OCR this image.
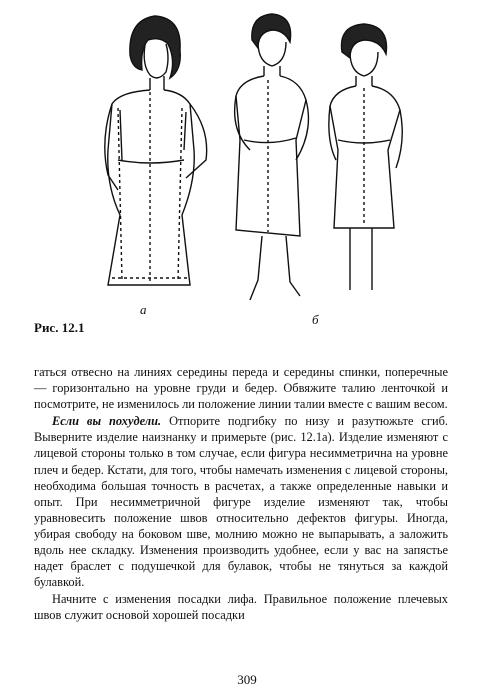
а
б
Рис. 12.1

гаться отвесно на линиях середины переда и середины спинки, поперечные — горизонтально на уровне груди и бедер. Обвяжите талию ленточкой и посмотрите, не изменилось ли положение линии талии вместе с вашим весом.

Если вы похудели. Отпорите подгибку по низу и разутюжьте сгиб. Выверните изделие наизнанку и примерьте (рис. 12.1а). Изделие изменяют с лицевой стороны только в том случае, если фигура несимметрична на уровне плеч и бедер. Кстати, для того, чтобы намечать изменения с лицевой стороны, необходима большая точность в расчетах, а также определенные навыки и опыт. При несимметричной фигуре изделие изменяют так, чтобы уравновесить положение швов относительно дефектов фигуры. Иногда, убирая свободу на боковом шве, молнию можно не выпарывать, а заложить вдоль нее складку. Изменения производить удобнее, если у вас на запястье надет браслет с подушечкой для булавок, чтобы не тянуться за каждой булавкой.

Начните с изменения посадки лифа. Правильное положение плечевых швов служит основой хорошей посадки

309
